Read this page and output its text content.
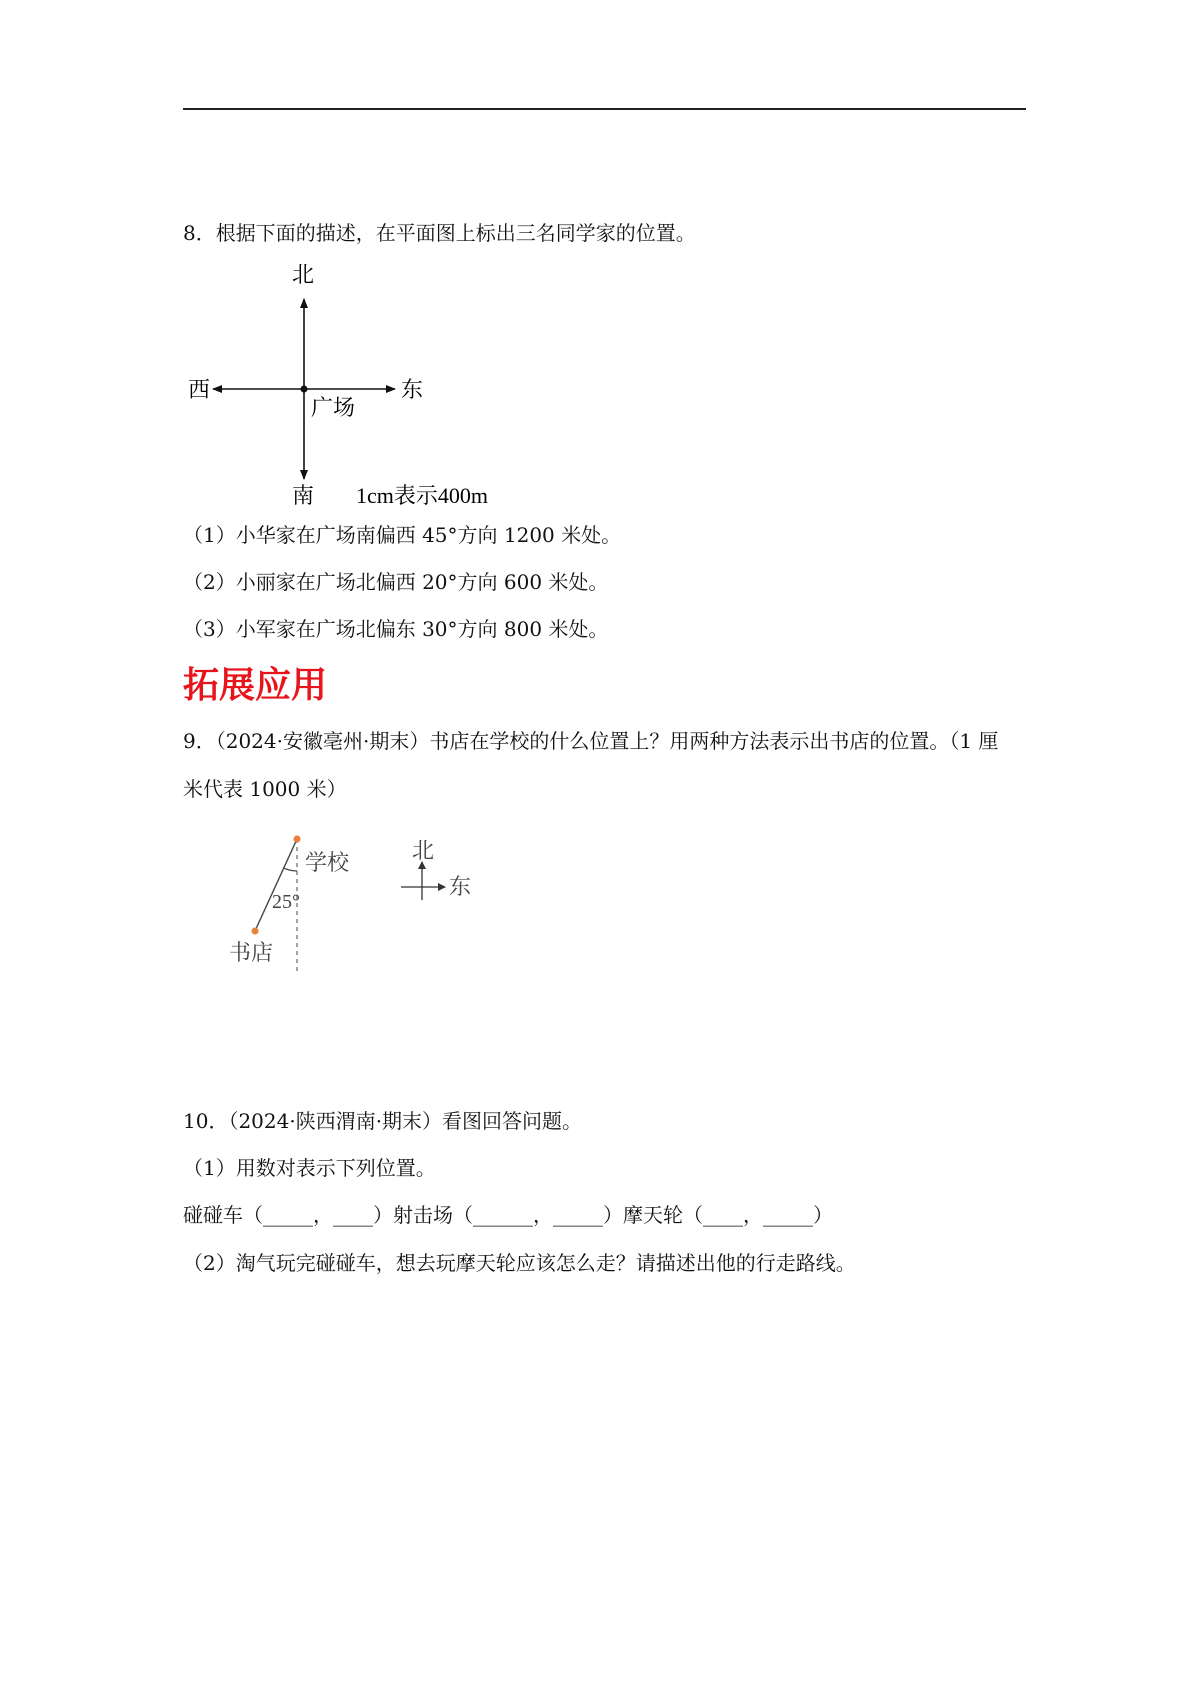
8．根据下面的描述，在平面图上标出三名同学家的位置。
北
南
东
西
广场
1cm表示400m
（1）小华家在广场南偏西 45°方向 1200 米处。
（2）小丽家在广场北偏西 20°方向 600 米处。
（3）小军家在广场北偏东 30°方向 800 米处。
拓展应用
9．（2024·安徽亳州·期末）书店在学校的什么位置上？用两种方法表示出书店的位置。（1 厘
米代表 1000 米）
学校
25°
书店
北
东
10．（2024·陕西渭南·期末）看图回答问题。
（1）用数对表示下列位置。
碰碰车（_____，____）射击场（______，_____）摩天轮（____，_____）
（2）淘气玩完碰碰车，想去玩摩天轮应该怎么走？请描述出他的行走路线。
